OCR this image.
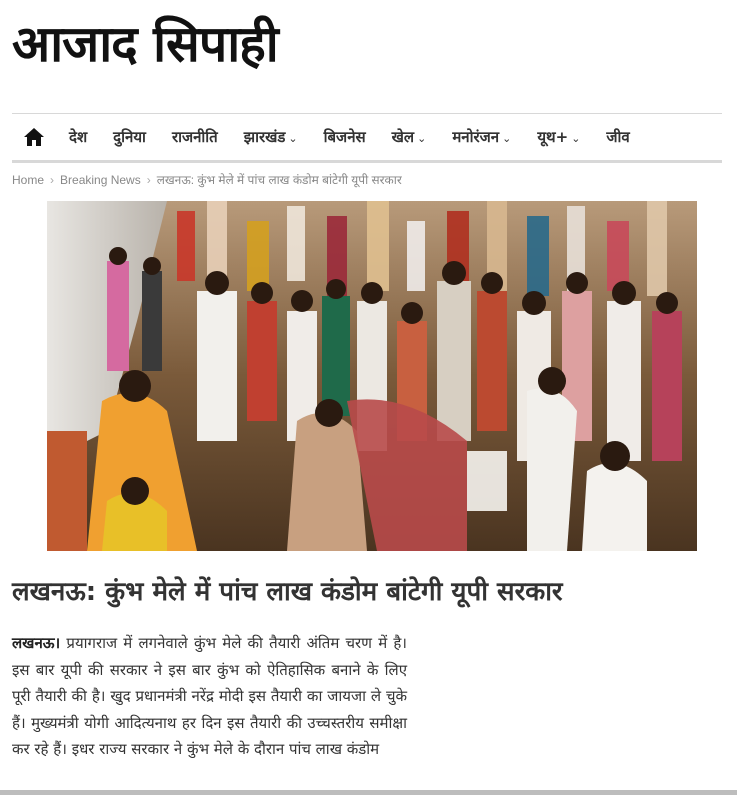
आजाद सिपाही
देश	दुनिया	राजनीति	झारखंड ⌄	बिजनेस	खेल ⌄	मनोरंजन ⌄	यूथ+ ⌄	जीव
Home › Breaking News › लखनऊ: कुंभ मेले में पांच लाख कंडोम बांटेगी यूपी सरकार
लखनऊ: कुंभ मेले में पांच लाख कंडोम बांटेगी यूपी सरकार

लखनऊ। प्रयागराज में लगनेवाले कुंभ मेले की तैयारी अंतिम चरण में है। इस बार यूपी की सरकार ने इस बार कुंभ को ऐतिहासिक बनाने के लिए पूरी तैयारी की है। खुद प्रधानमंत्री नरेंद्र मोदी इस तैयारी का जायजा ले चुके हैं। मुख्यमंत्री योगी आदित्यनाथ हर दिन इस तैयारी की उच्चस्तरीय समीक्षा कर रहे हैं। इधर राज्य सरकार ने कुंभ मेले के दौरान पांच लाख कंडोम
